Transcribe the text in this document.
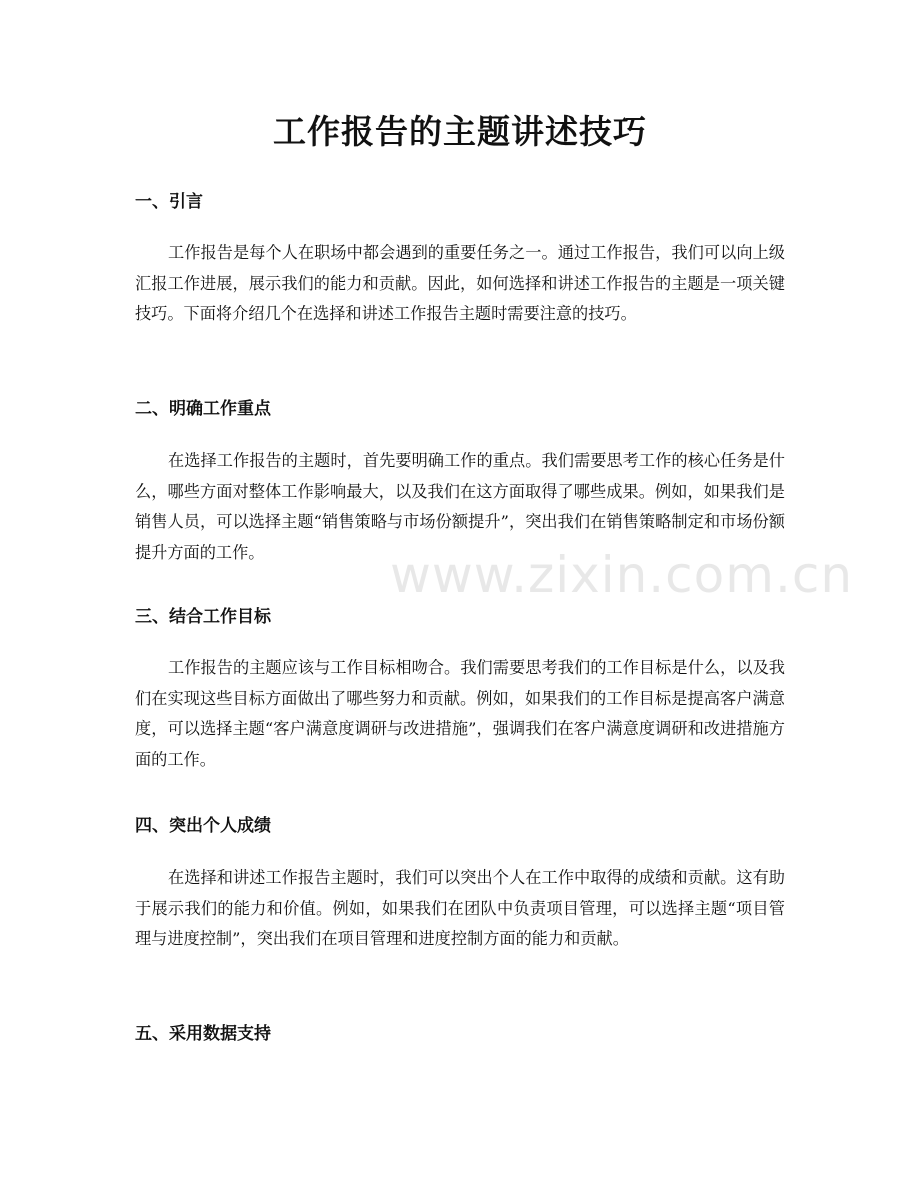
工作报告的主题讲述技巧
一、引言

工作报告是每个人在职场中都会遇到的重要任务之一。通过工作报告，我们可以向上级汇报工作进展，展示我们的能力和贡献。因此，如何选择和讲述工作报告的主题是一项关键技巧。下面将介绍几个在选择和讲述工作报告主题时需要注意的技巧。

二、明确工作重点

在选择工作报告的主题时，首先要明确工作的重点。我们需要思考工作的核心任务是什么，哪些方面对整体工作影响最大，以及我们在这方面取得了哪些成果。例如，如果我们是销售人员，可以选择主题“销售策略与市场份额提升”，突出我们在销售策略制定和市场份额提升方面的工作。

三、结合工作目标

工作报告的主题应该与工作目标相吻合。我们需要思考我们的工作目标是什么，以及我们在实现这些目标方面做出了哪些努力和贡献。例如，如果我们的工作目标是提高客户满意度，可以选择主题“客户满意度调研与改进措施”，强调我们在客户满意度调研和改进措施方面的工作。

四、突出个人成绩

在选择和讲述工作报告主题时，我们可以突出个人在工作中取得的成绩和贡献。这有助于展示我们的能力和价值。例如，如果我们在团队中负责项目管理，可以选择主题“项目管理与进度控制”，突出我们在项目管理和进度控制方面的能力和贡献。

五、采用数据支持
www.zixin.com.cn
